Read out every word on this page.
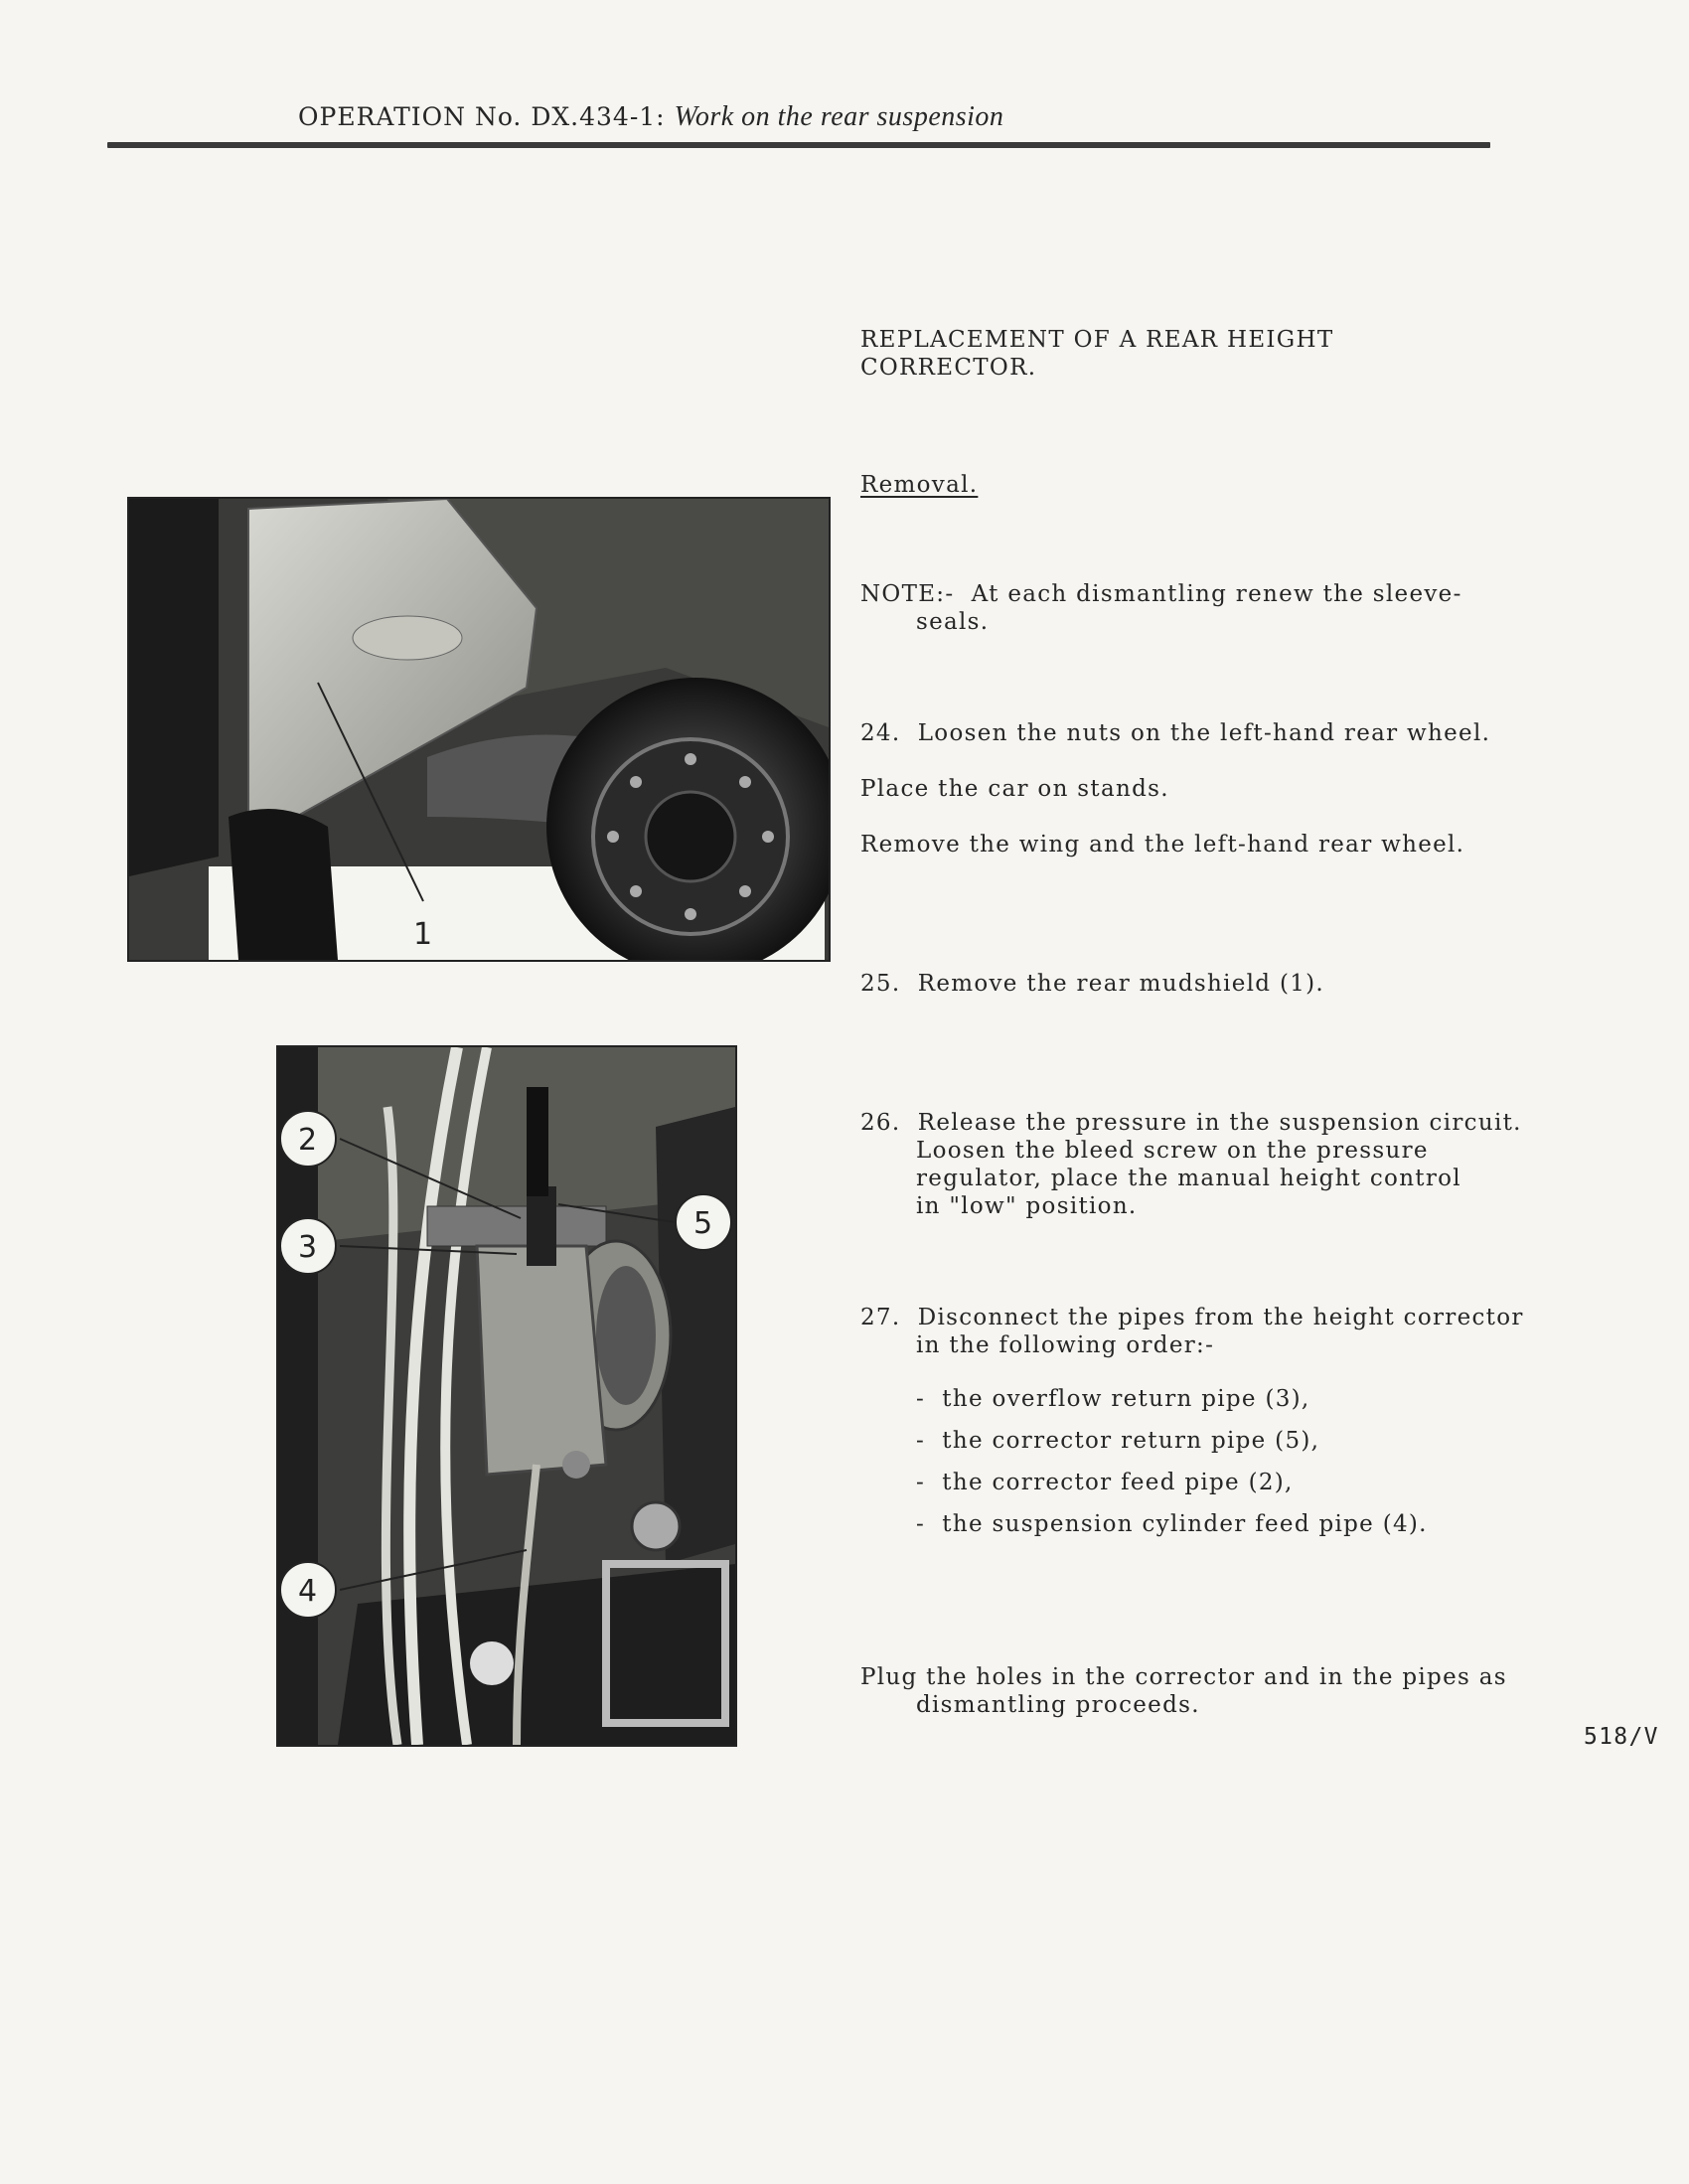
OPERATION No. DX.434-1: Work on the rear suspension
REPLACEMENT OF A REAR HEIGHT
CORRECTOR.
Removal.
NOTE:- At each dismantling renew the sleeve-
seals.
24. Loosen the nuts on the left-hand rear wheel.
Place the car on stands.
Remove the wing and the left-hand rear wheel.
25. Remove the rear mudshield (1).
26. Release the pressure in the suspension circuit.
Loosen the bleed screw on the pressure
regulator, place the manual height control
in "low" position.
27. Disconnect the pipes from the height corrector
in the following order:-
-  the overflow return pipe (3),
-  the corrector return pipe (5),
-  the corrector feed pipe (2),
-  the suspension cylinder feed pipe (4).
Plug the holes in the corrector and in the pipes as
dismantling proceeds.
518/V
1
2
3
4
5
